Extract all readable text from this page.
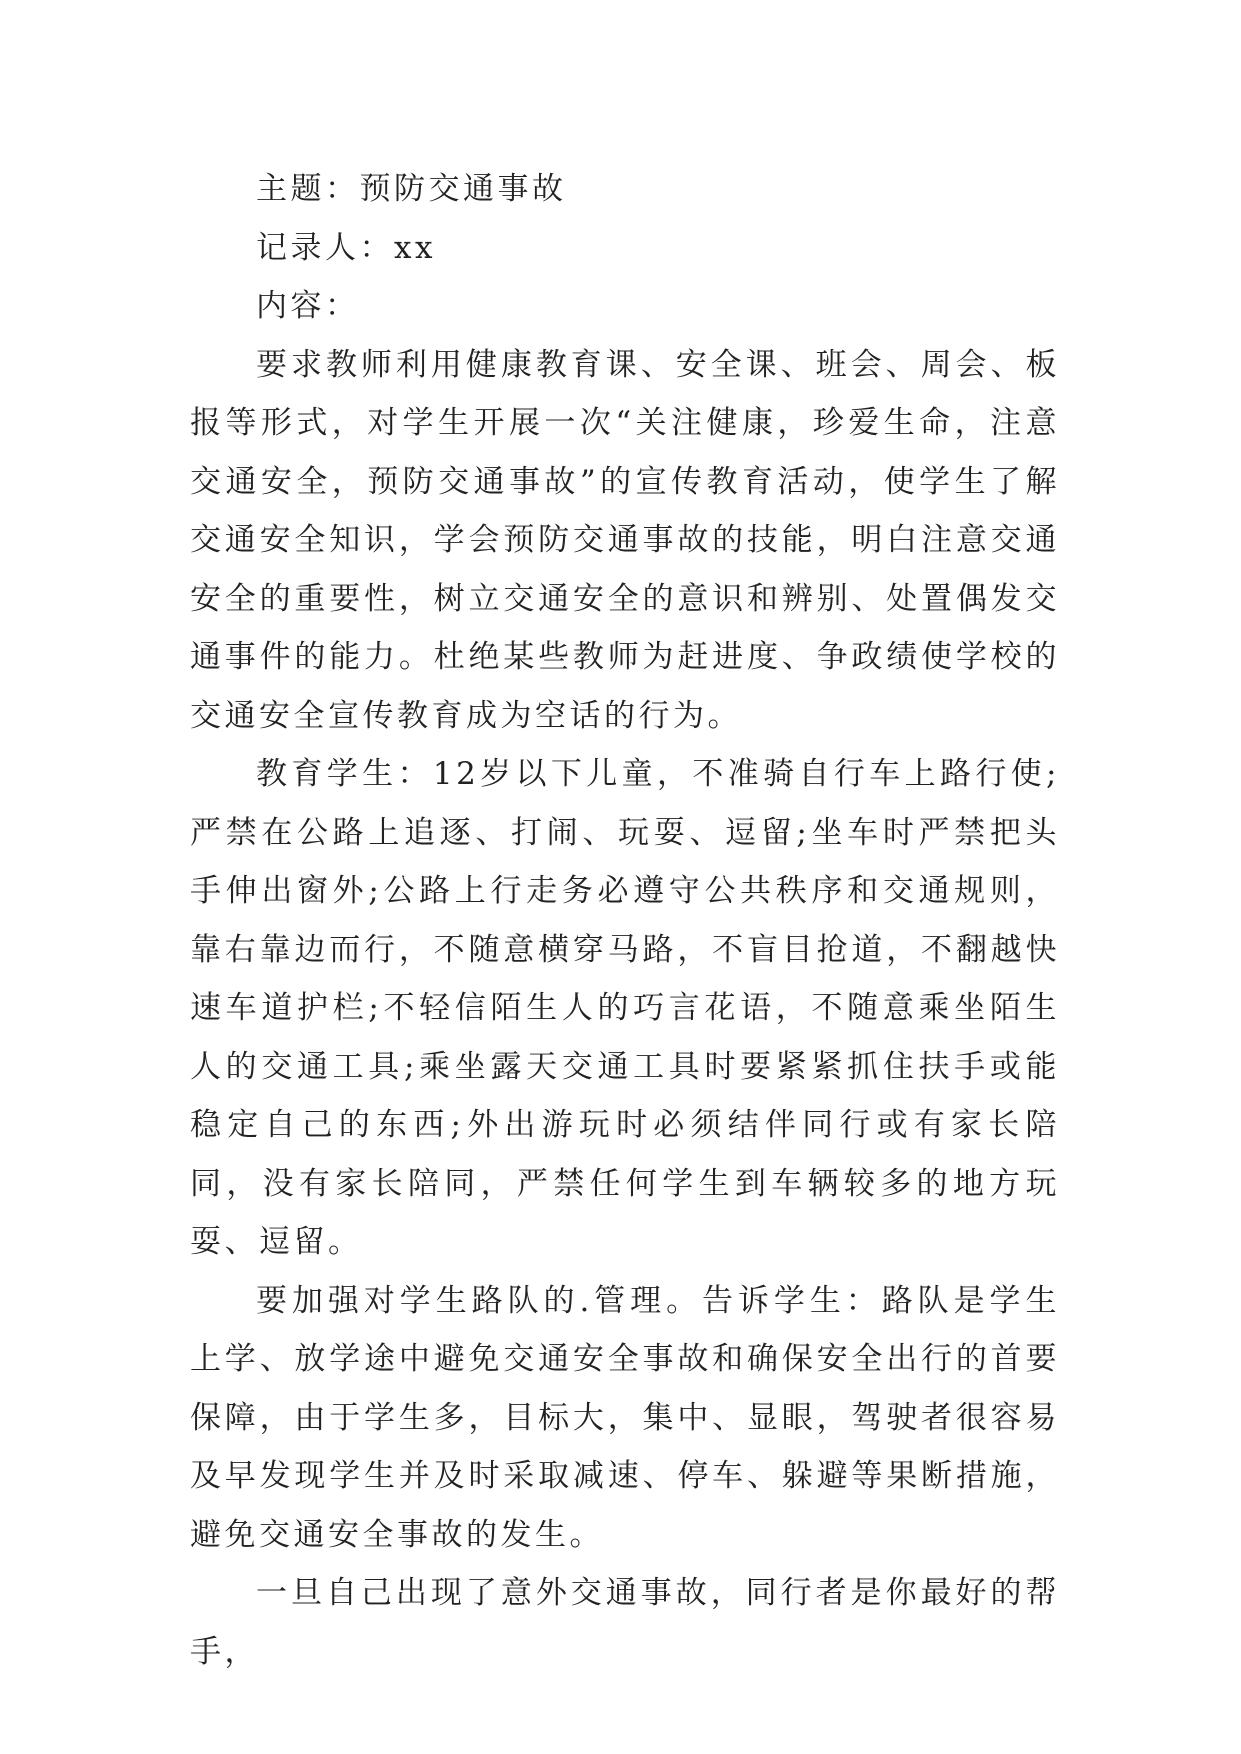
主题：预防交通事故

记录人：xx

内容：

要求教师利用健康教育课、安全课、班会、周会、板报等形式，对学生开展一次“关注健康，珍爱生命，注意交通安全，预防交通事故”的宣传教育活动，使学生了解交通安全知识，学会预防交通事故的技能，明白注意交通安全的重要性，树立交通安全的意识和辨别、处置偶发交通事件的能力。杜绝某些教师为赶进度、争政绩使学校的交通安全宣传教育成为空话的行为。

教育学生：12岁以下儿童，不准骑自行车上路行使;严禁在公路上追逐、打闹、玩耍、逗留;坐车时严禁把头手伸出窗外;公路上行走务必遵守公共秩序和交通规则，靠右靠边而行，不随意横穿马路，不盲目抢道，不翻越快速车道护栏;不轻信陌生人的巧言花语，不随意乘坐陌生人的交通工具;乘坐露天交通工具时要紧紧抓住扶手或能稳定自己的东西;外出游玩时必须结伴同行或有家长陪同，没有家长陪同，严禁任何学生到车辆较多的地方玩耍、逗留。

要加强对学生路队的.管理。告诉学生：路队是学生上学、放学途中避免交通安全事故和确保安全出行的首要保障，由于学生多，目标大，集中、显眼，驾驶者很容易及早发现学生并及时采取减速、停车、躲避等果断措施，避免交通安全事故的发生。

一旦自己出现了意外交通事故，同行者是你最好的帮手，
